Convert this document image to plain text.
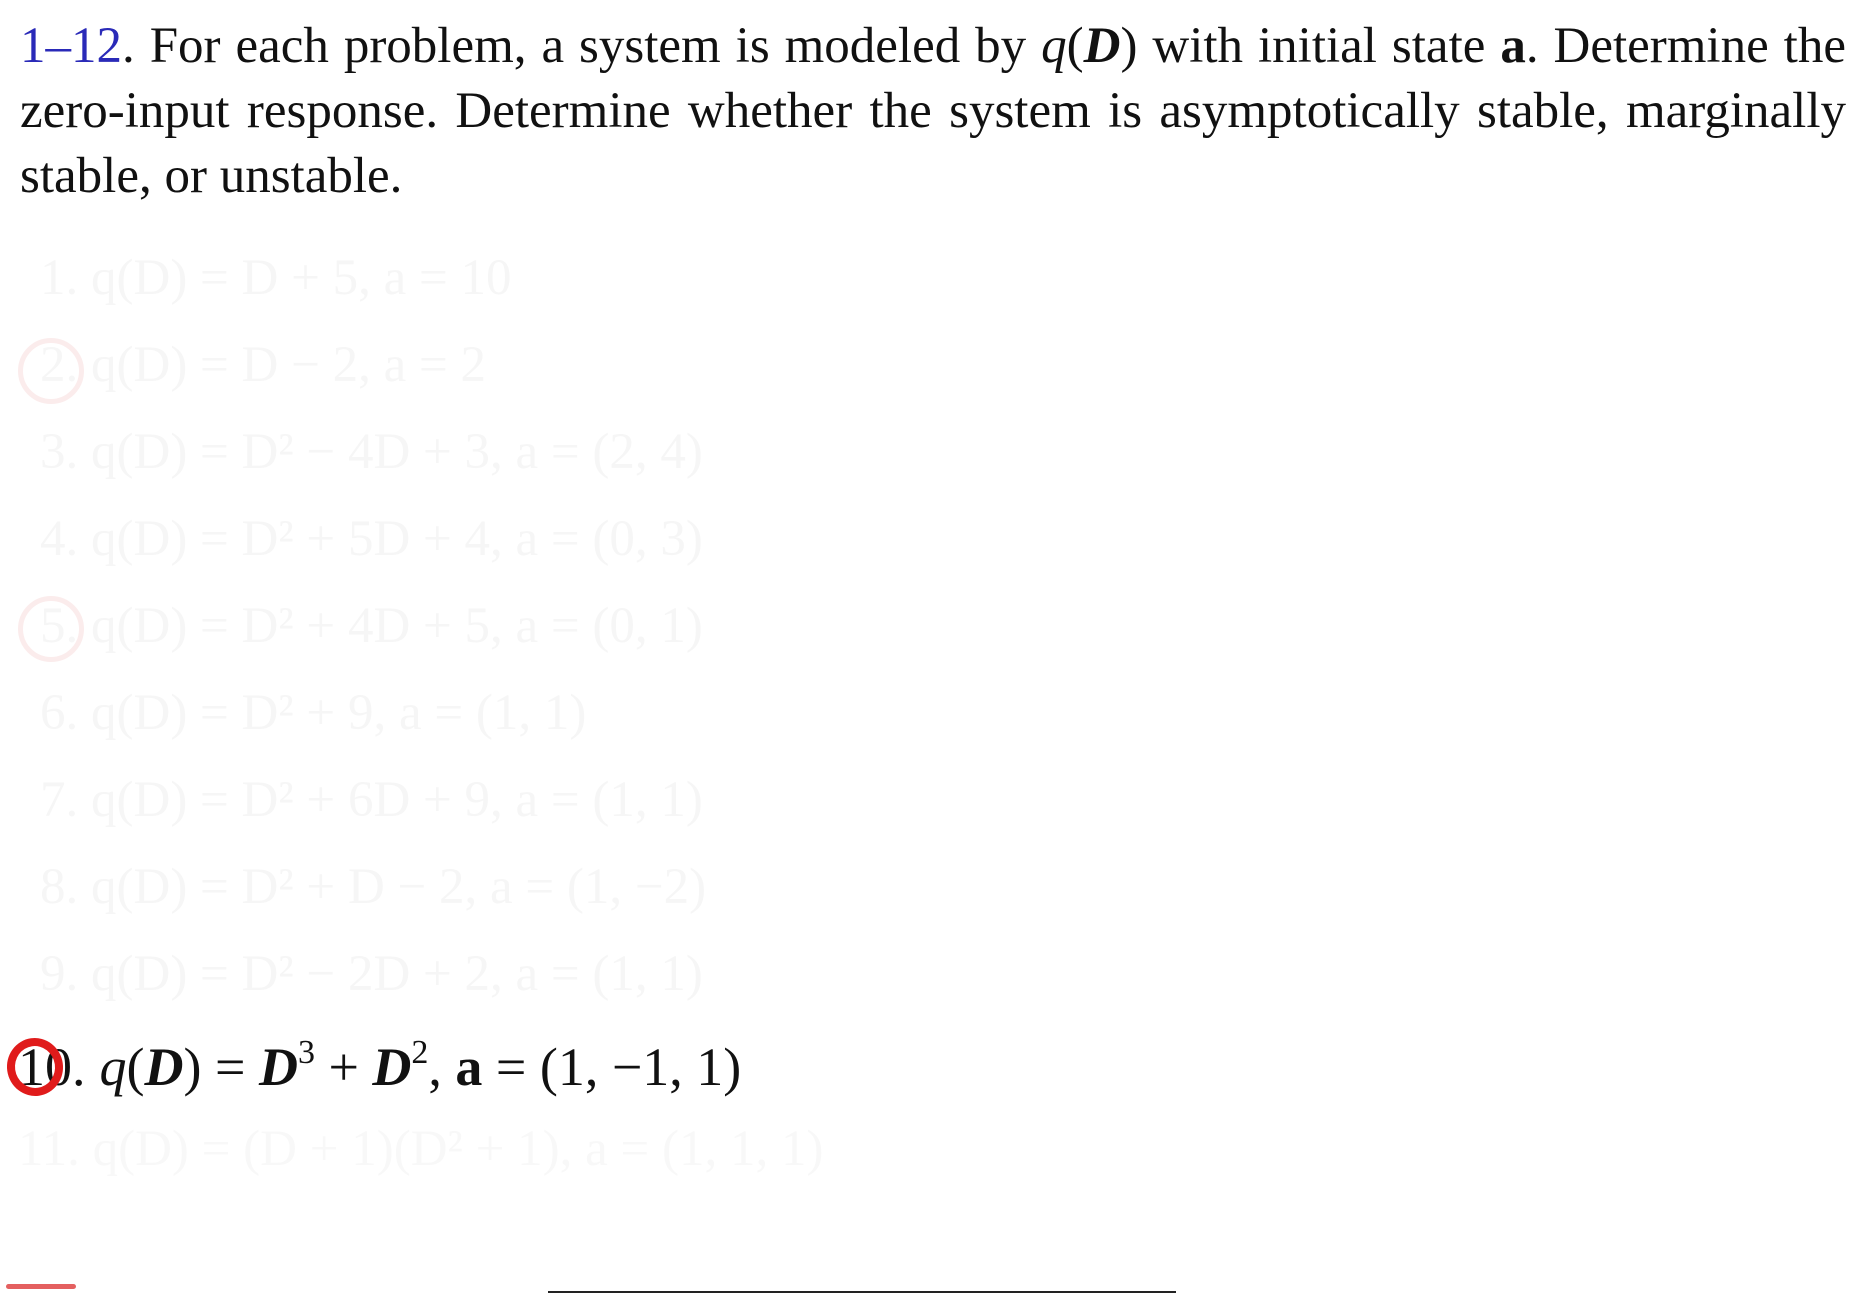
1–12. For each problem, a system is modeled by q(D) with initial state a. Determine the zero-input response. Determine whether the system is asymptotically stable, marginally stable, or unstable.
1. q(D) = D + 5, a = 10
2. q(D) = D − 2, a = 2
3. q(D) = D² − 4D + 3, a = (2, 4)
4. q(D) = D² + 5D + 4, a = (0, 3)
5. q(D) = D² + 4D + 5, a = (0, 1)
6. q(D) = D² + 9, a = (1, 1)
7. q(D) = D² + 6D + 9, a = (1, 1)
8. q(D) = D² + D − 2, a = (1, −2)
9. q(D) = D² − 2D + 2, a = (1, 1)
10. $q(D) = D^3 + D^2$, a = (1, −1, 1)
11. q(D) = (D + 1)(D² + 1), a = (1, 1, 1)
